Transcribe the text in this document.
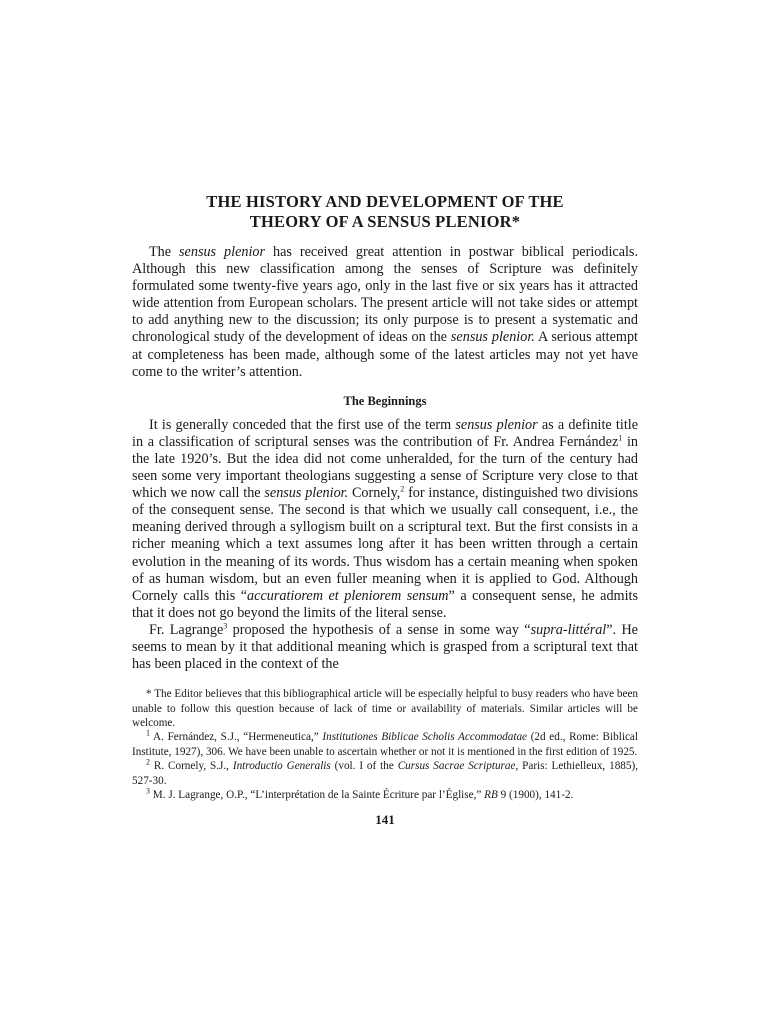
THE HISTORY AND DEVELOPMENT OF THE
THEORY OF A SENSUS PLENIOR*

The sensus plenior has received great attention in postwar biblical periodicals. Although this new classification among the senses of Scripture was definitely formulated some twenty-five years ago, only in the last five or six years has it attracted wide attention from European scholars. The present article will not take sides or attempt to add anything new to the discussion; its only purpose is to present a systematic and chronological study of the development of ideas on the sensus plenior. A serious attempt at completeness has been made, although some of the latest articles may not yet have come to the writer’s attention.

The Beginnings

It is generally conceded that the first use of the term sensus plenior as a definite title in a classification of scriptural senses was the contribution of Fr. Andrea Fernández$^1$ in the late 1920’s. But the idea did not come unheralded, for the turn of the century had seen some very important theologians suggesting a sense of Scripture very close to that which we now call the sensus plenior. Cornely,$^2$ for instance, distinguished two divisions of the consequent sense. The second is that which we usually call consequent, i.e., the meaning derived through a syllogism built on a scriptural text. But the first consists in a richer meaning which a text assumes long after it has been written through a certain evolution in the meaning of its words. Thus wisdom has a certain meaning when spoken of as human wisdom, but an even fuller meaning when it is applied to God. Although Cornely calls this “accuratiorem et pleniorem sensum” a consequent sense, he admits that it does not go beyond the limits of the literal sense.

Fr. Lagrange$^3$ proposed the hypothesis of a sense in some way “supra-littéral”. He seems to mean by it that additional meaning which is grasped from a scriptural text that has been placed in the context of the

* The Editor believes that this bibliographical article will be especially helpful to busy readers who have been unable to follow this question because of lack of time or availability of materials. Similar articles will be welcome.

$^1$ A. Fernández, S.J., “Hermeneutica,” Institutiones Biblicae Scholis Accommodatae (2d ed., Rome: Biblical Institute, 1927), 306. We have been unable to ascertain whether or not it is mentioned in the first edition of 1925.

$^2$ R. Cornely, S.J., Introductio Generalis (vol. I of the Cursus Sacrae Scripturae, Paris: Lethielleux, 1885), 527-30.

$^3$ M. J. Lagrange, O.P., “L’interprétation de la Sainte Écriture par l’Église,” RB 9 (1900), 141-2.

141
